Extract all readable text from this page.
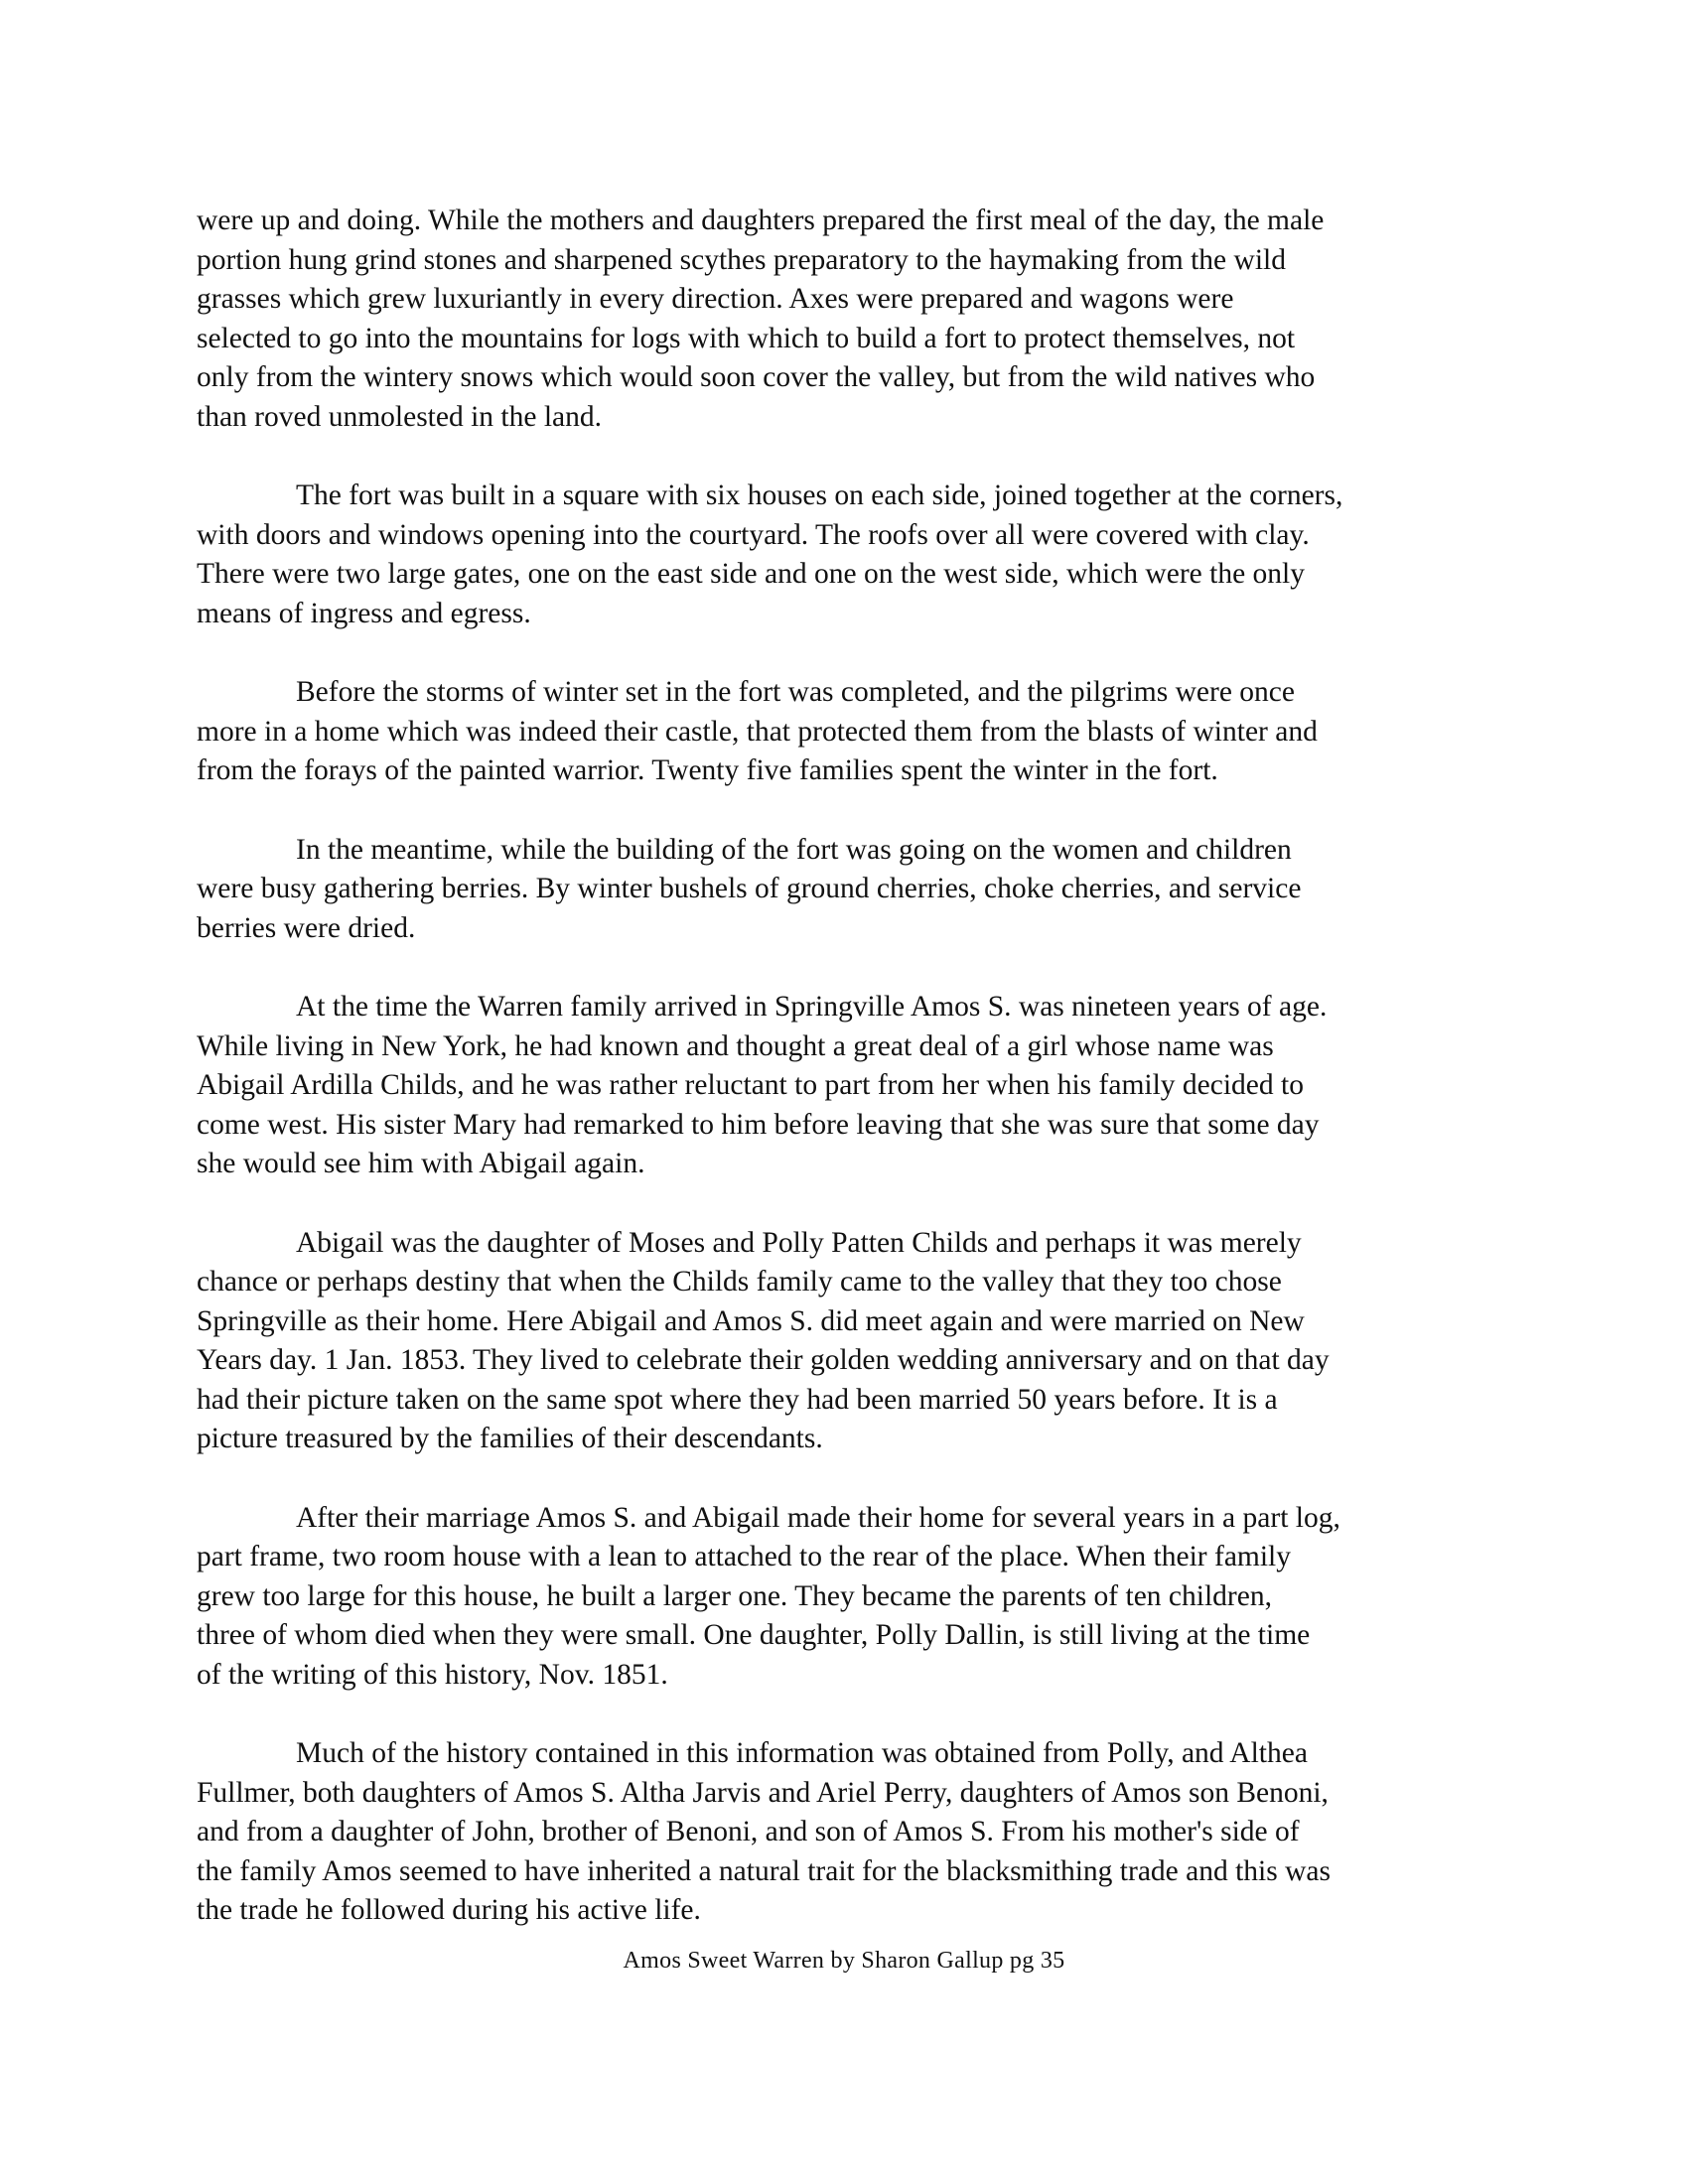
were up and doing. While the mothers and daughters prepared the first meal of the day, the male
portion hung grind stones and sharpened scythes preparatory to the haymaking from the wild
grasses which grew luxuriantly in every direction. Axes were prepared and wagons were
selected to go into the mountains for logs with which to build a fort to protect themselves, not
only from the wintery snows which would soon cover the valley, but from the wild natives who
than roved unmolested in the land.

The fort was built in a square with six houses on each side, joined together at the corners,
with doors and windows opening into the courtyard. The roofs over all were covered with clay.
There were two large gates, one on the east side and one on the west side, which were the only
means of ingress and egress.

Before the storms of winter set in the fort was completed, and the pilgrims were once
more in a home which was indeed their castle, that protected them from the blasts of winter and
from the forays of the painted warrior. Twenty five families spent the winter in the fort.

In the meantime, while the building of the fort was going on the women and children
were busy gathering berries. By winter bushels of ground cherries, choke cherries, and service
berries were dried.

At the time the Warren family arrived in Springville Amos S. was nineteen years of age.
While living in New York, he had known and thought a great deal of a girl whose name was
Abigail Ardilla Childs, and he was rather reluctant to part from her when his family decided to
come west. His sister Mary had remarked to him before leaving that she was sure that some day
she would see him with Abigail again.

Abigail was the daughter of Moses and Polly Patten Childs and perhaps it was merely
chance or perhaps destiny that when the Childs family came to the valley that they too chose
Springville as their home. Here Abigail and Amos S. did meet again and were married on New
Years day. 1 Jan. 1853. They lived to celebrate their golden wedding anniversary and on that day
had their picture taken on the same spot where they had been married 50 years before. It is a
picture treasured by the families of their descendants.

After their marriage Amos S. and Abigail made their home for several years in a part log,
part frame, two room house with a lean to attached to the rear of the place. When their family
grew too large for this house, he built a larger one. They became the parents of ten children,
three of whom died when they were small. One daughter, Polly Dallin, is still living at the time
of the writing of this history, Nov. 1851.

Much of the history contained in this information was obtained from Polly, and Althea
Fullmer, both daughters of Amos S. Altha Jarvis and Ariel Perry, daughters of Amos son Benoni,
and from a daughter of John, brother of Benoni, and son of Amos S. From his mother's side of
the family Amos seemed to have inherited a natural trait for the blacksmithing trade and this was
the trade he followed during his active life.

Amos Sweet Warren by Sharon Gallup pg 35
